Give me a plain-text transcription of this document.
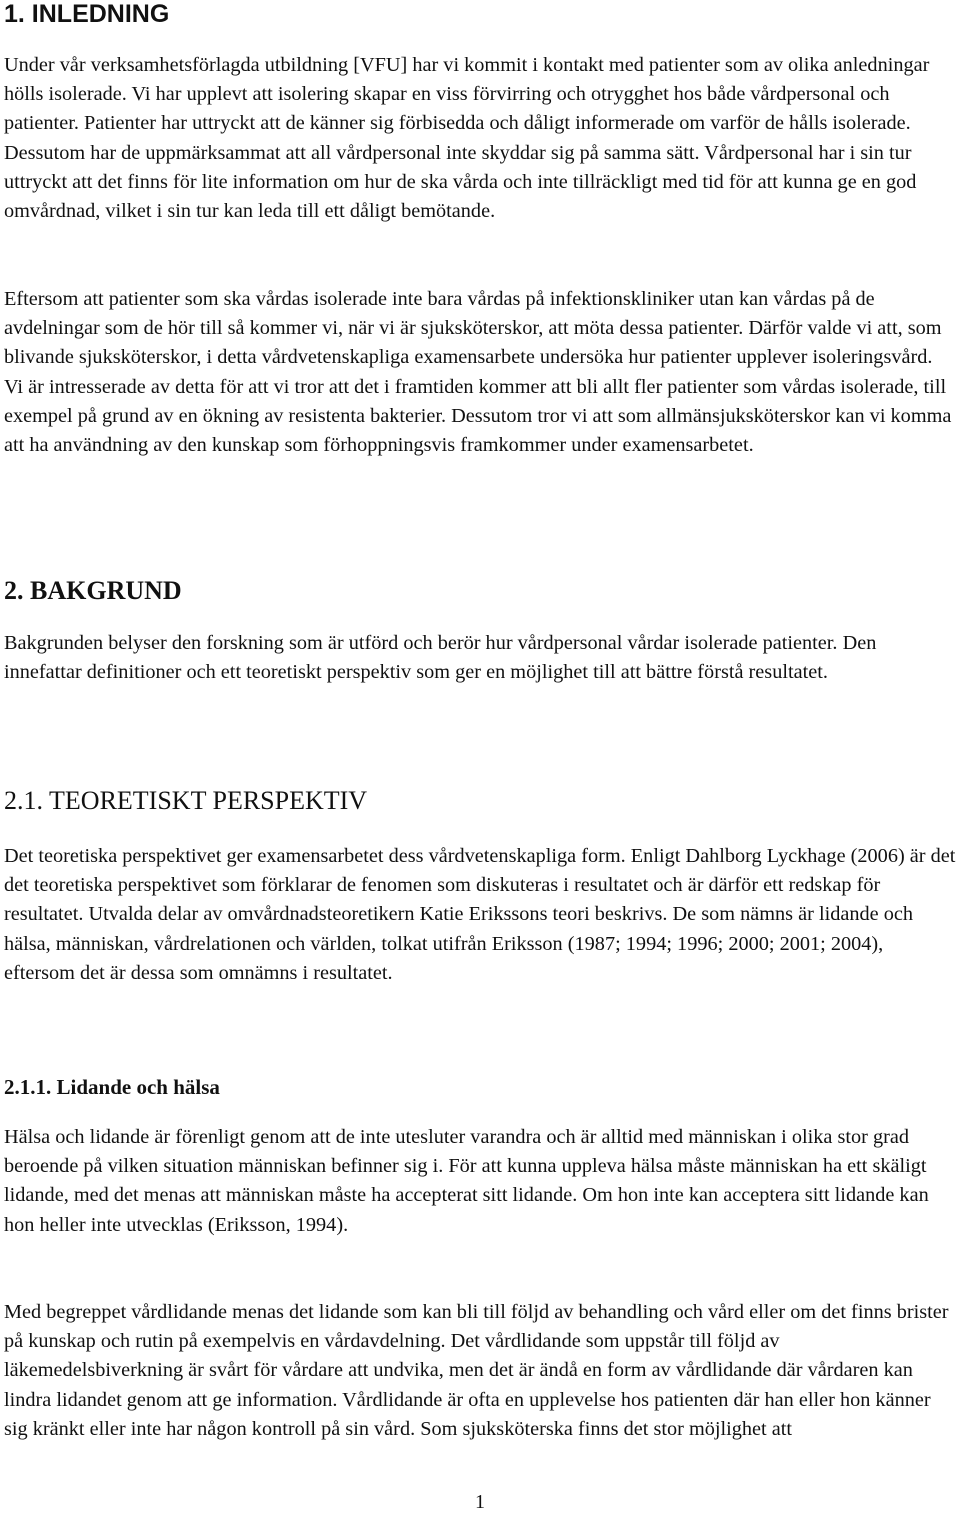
1. INLEDNING

Under vår verksamhetsförlagda utbildning [VFU] har vi kommit i kontakt med patienter som av olika anledningar hölls isolerade. Vi har upplevt att isolering skapar en viss förvirring och otrygghet hos både vårdpersonal och patienter. Patienter har uttryckt att de känner sig förbisedda och dåligt informerade om varför de hålls isolerade. Dessutom har de uppmärksammat att all vårdpersonal inte skyddar sig på samma sätt. Vårdpersonal har i sin tur uttryckt att det finns för lite information om hur de ska vårda och inte tillräckligt med tid för att kunna ge en god omvårdnad, vilket i sin tur kan leda till ett dåligt bemötande.

Eftersom att patienter som ska vårdas isolerade inte bara vårdas på infektionskliniker utan kan vårdas på de avdelningar som de hör till så kommer vi, när vi är sjuksköterskor, att möta dessa patienter. Därför valde vi att, som blivande sjuksköterskor, i detta vårdvetenskapliga examensarbete undersöka hur patienter upplever isoleringsvård. Vi är intresserade av detta för att vi tror att det i framtiden kommer att bli allt fler patienter som vårdas isolerade, till exempel på grund av en ökning av resistenta bakterier. Dessutom tror vi att som allmänsjuksköterskor kan vi komma att ha användning av den kunskap som förhoppningsvis framkommer under examensarbetet.

2. BAKGRUND

Bakgrunden belyser den forskning som är utförd och berör hur vårdpersonal vårdar isolerade patienter. Den innefattar definitioner och ett teoretiskt perspektiv som ger en möjlighet till att bättre förstå resultatet.

2.1. TEORETISKT PERSPEKTIV

Det teoretiska perspektivet ger examensarbetet dess vårdvetenskapliga form. Enligt Dahlborg Lyckhage (2006) är det det teoretiska perspektivet som förklarar de fenomen som diskuteras i resultatet och är därför ett redskap för resultatet. Utvalda delar av omvårdnadsteoretikern Katie Erikssons teori beskrivs. De som nämns är lidande och hälsa, människan, vårdrelationen och världen, tolkat utifrån Eriksson (1987; 1994; 1996; 2000; 2001; 2004), eftersom det är dessa som omnämns i resultatet.

2.1.1. Lidande och hälsa

Hälsa och lidande är förenligt genom att de inte utesluter varandra och är alltid med människan i olika stor grad beroende på vilken situation människan befinner sig i. För att kunna uppleva hälsa måste människan ha ett skäligt lidande, med det menas att människan måste ha accepterat sitt lidande. Om hon inte kan acceptera sitt lidande kan hon heller inte utvecklas (Eriksson, 1994).

Med begreppet vårdlidande menas det lidande som kan bli till följd av behandling och vård eller om det finns brister på kunskap och rutin på exempelvis en vårdavdelning. Det vårdlidande som uppstår till följd av läkemedelsbiverkning är svårt för vårdare att undvika, men det är ändå en form av vårdlidande där vårdaren kan lindra lidandet genom att ge information. Vårdlidande är ofta en upplevelse hos patienten där han eller hon känner sig kränkt eller inte har någon kontroll på sin vård. Som sjuksköterska finns det stor möjlighet att

1
